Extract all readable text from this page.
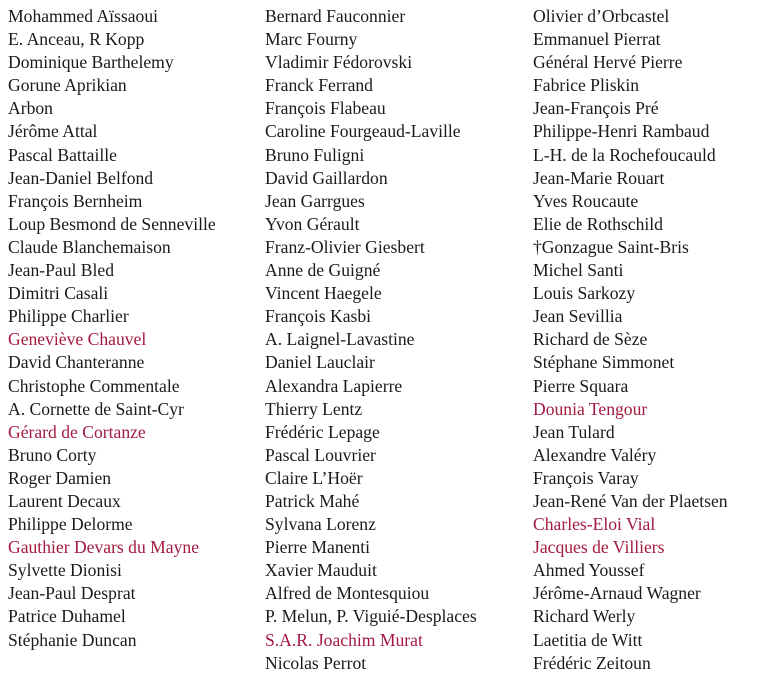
Mohammed Aïssaoui
E. Anceau, R Kopp
Dominique Barthelemy
Gorune Aprikian
Arbon
Jérôme Attal
Pascal Battaille
Jean-Daniel Belfond
François Bernheim
Loup Besmond de Senneville
Claude Blanchemaison
Jean-Paul Bled
Dimitri Casali
Philippe Charlier
Geneviève Chauvel
David Chanteranne
Christophe Commentale
A. Cornette de Saint-Cyr
Gérard de Cortanze
Bruno Corty
Roger Damien
Laurent Decaux
Philippe Delorme
Gauthier Devars du Mayne
Sylvette Dionisi
Jean-Paul Desprat
Patrice Duhamel
Stéphanie Duncan
Bernard Fauconnier
Marc Fourny
Vladimir Fédorovski
Franck Ferrand
François Flabeau
Caroline Fourgeaud-Laville
Bruno Fuligni
David Gaillardon
Jean Garrgues
Yvon Gérault
Franz-Olivier Giesbert
Anne de Guigné
Vincent Haegele
François Kasbi
A. Laignel-Lavastine
Daniel Lauclair
Alexandra Lapierre
Thierry Lentz
Frédéric Lepage
Pascal Louvrier
Claire L’Hoër
Patrick Mahé
Sylvana Lorenz
Pierre Manenti
Xavier Mauduit
Alfred de Montesquiou
P. Melun, P. Viguié-Desplaces
S.A.R. Joachim Murat
Nicolas Perrot
Olivier d’Orbcastel
Emmanuel Pierrat
Général Hervé Pierre
Fabrice Pliskin
Jean-François Pré
Philippe-Henri Rambaud
L-H. de la Rochefoucauld
Jean-Marie Rouart
Yves Roucaute
Elie de Rothschild
†Gonzague Saint-Bris
Michel Santi
Louis Sarkozy
Jean Sevillia
Richard de Sèze
Stéphane Simmonet
Pierre Squara
Dounia Tengour
Jean Tulard
Alexandre Valéry
François Varay
Jean-René Van der Plaetsen
Charles-Eloi Vial
Jacques de Villiers
Ahmed Youssef
Jérôme-Arnaud Wagner
Richard Werly
Laetitia de Witt
Frédéric Zeitoun
